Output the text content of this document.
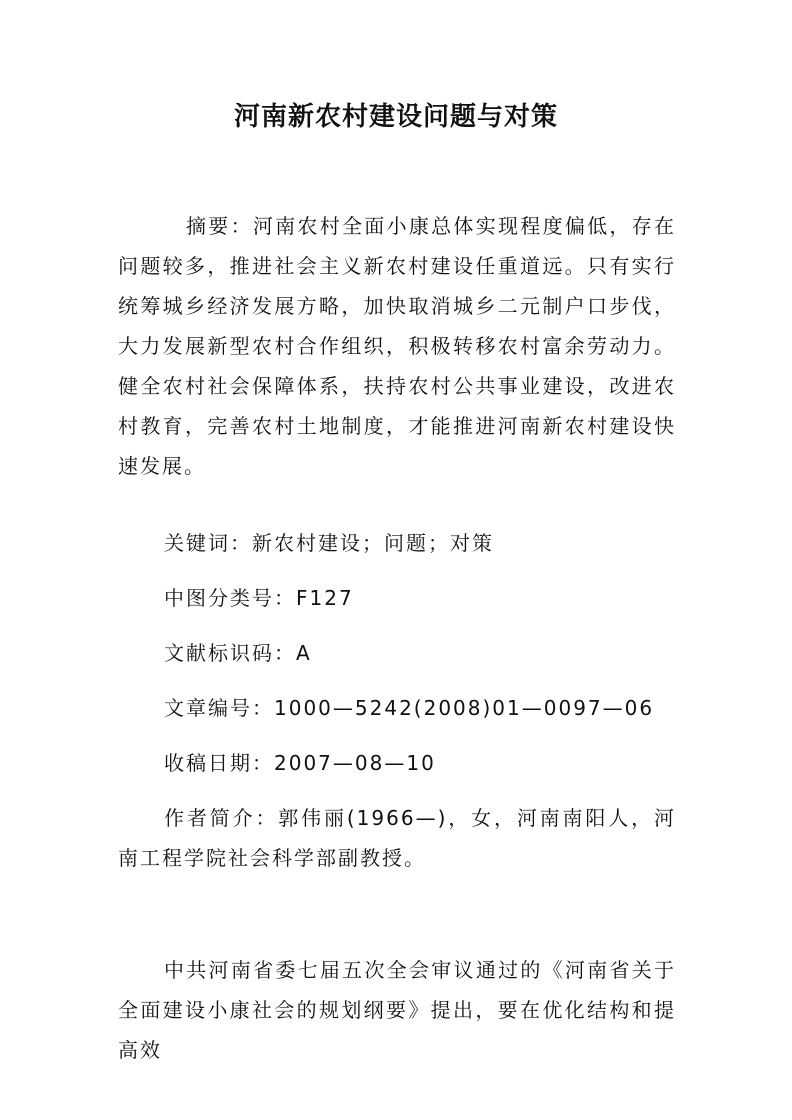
河南新农村建设问题与对策

摘要：河南农村全面小康总体实现程度偏低，存在问题较多，推进社会主义新农村建设任重道远。只有实行统筹城乡经济发展方略，加快取消城乡二元制户口步伐，大力发展新型农村合作组织，积极转移农村富余劳动力。健全农村社会保障体系，扶持农村公共事业建设，改进农村教育，完善农村土地制度，才能推进河南新农村建设快速发展。

关键词：新农村建设；问题；对策

中图分类号：F127

文献标识码：A

文章编号：1000—5242(2008)01—0097—06

收稿日期：2007—08—10

作者简介：郭伟丽(1966—)，女，河南南阳人，河南工程学院社会科学部副教授。

中共河南省委七届五次全会审议通过的《河南省关于全面建设小康社会的规划纲要》提出，要在优化结构和提高效
